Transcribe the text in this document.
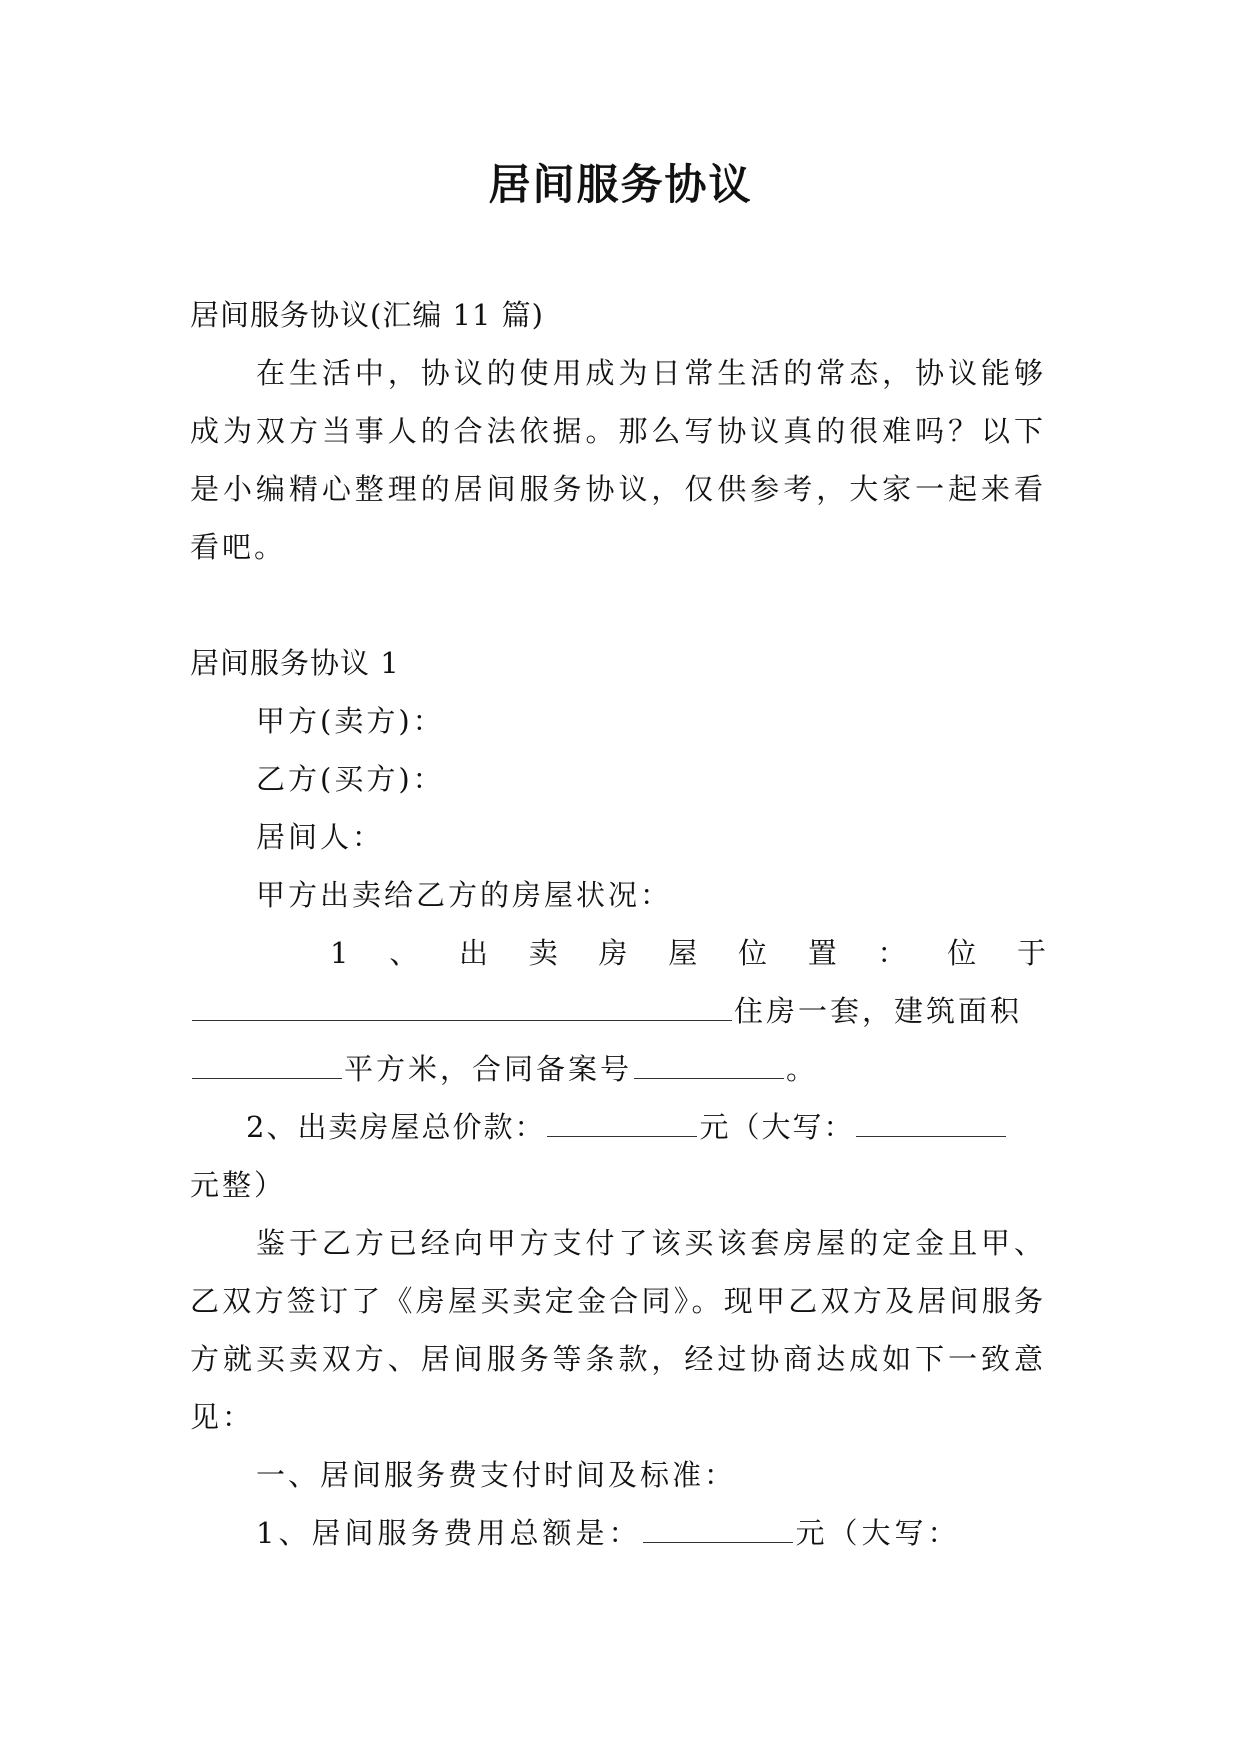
居间服务协议

居间服务协议(汇编 11 篇)

在生活中，协议的使用成为日常生活的常态，协议能够成为双方当事人的合法依据。那么写协议真的很难吗？以下是小编精心整理的居间服务协议，仅供参考，大家一起来看看吧。

居间服务协议 1

甲方(卖方)：

乙方(买方)：

居间人：

甲方出卖给乙方的房屋状况：

1 、 出 卖 房 屋 位 置 ： 位 于

住房一套，建筑面积

平方米，合同备案号	。

2、出卖房屋总价款：	元（大写：

元整）

鉴于乙方已经向甲方支付了该买该套房屋的定金且甲、乙双方签订了《房屋买卖定金合同》。现甲乙双方及居间服务方就买卖双方、居间服务等条款，经过协商达成如下一致意见：

一、居间服务费支付时间及标准：

1、居间服务费用总额是：	元（大写：
